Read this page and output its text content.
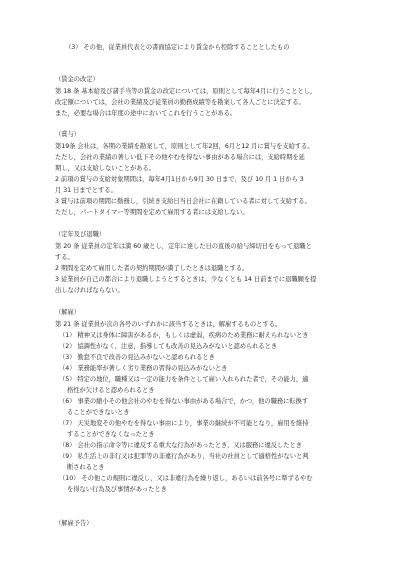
（3） その他，従業員代表との書面協定により賃金から控除することとしたもの
（賃金の改定）
第 18 条 基本給及び諸手当等の賃金の改定については，原則として毎年4月に行うこととし，
改定額については，会社の業績及び従業員の勤務成績等を勘案して各人ごとに決定する。
また，必要な場合は年度の途中においてこれを行うことがある。
（賞与）
第19条 会社は，各期の業績を勘案して，原則として年2回，6月と12 月に賞与を支給する。
ただし，会社の業績の著しい低下その他やむを得ない事由がある場合には，支給時期を延
期し，又は支給しないことがある。
2 前項の賞与の支給対象期間は，毎年4月1日から9月 30 日まで，及び 10 月 1 日から 3
月 31 日までとする。
3 賞与は前項の期間に勤務し，引続き支給日当日会社に在籍している者に対して支給する。
ただし，パートタイマー等期間を定めて雇用する者には支給しない。
（定年及び退職）
第 20 条 従業員の定年は満 60 歳とし，定年に達した日の直後の給与締切日をもって退職と
する。
2 期間を定めて雇用した者の契約期間が満了したときは退職とする。
3 従業員が自己の都合により退職しようとするときは，少なくとも 14 日前までに退職願を提
出しなければならない。
（解雇）
第 21 条 従業員が次の各号のいずれかに該当するときは，解雇するものとする。
（1） 精神又は身体に障害があるか，もしくは虚弱，疾病のため業務に耐えられないとき
（2） 協調性がなく，注意，指導しても改善の見込みがないと認められるとき
（3） 勤怠不良で改善の見込みがないと認められるとき
（4） 業務能率が著しく劣り業務の習得の見込みがないとき
（5） 特定の地位，職種又は一定の能力を条件として雇い入れられた者で，その能力，適
格性が欠けると認められるとき
（6） 事業の縮小その他会社のやむを得ない事由がある場合で，かつ，他の職務に転換す
ることができないとき
（7） 天災地変その他やむを得ない事由により，事業の継続が不可能となり，雇用を維持
することができなくなったとき
（8） 会社の指示命令等に違反する重大な行為があったとき，又は服務に違反したとき
（9） 私生活上の非行又は犯罪等の非違行為があり，当社の社員として適格性がないと判
断されるとき
（10） その他この規則に違反し，又は非違行為を繰り返し，あるいは前各号に準ずるやむ
を得ない行為及び事情があったとき
（解雇予告）
